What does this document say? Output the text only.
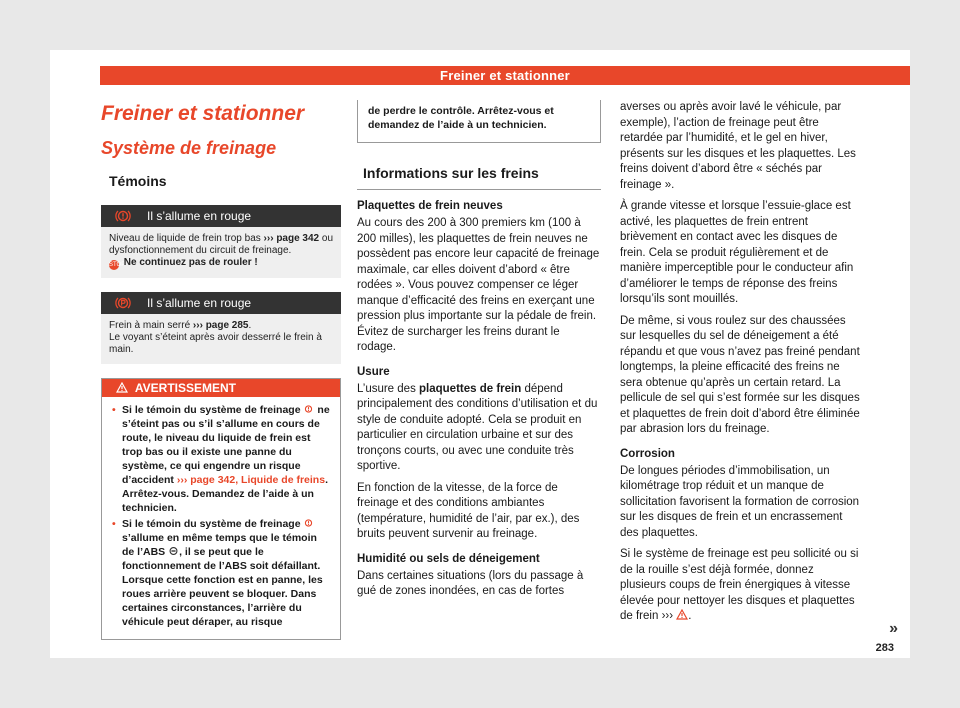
Freiner et stationner
Freiner et stationner
Système de freinage
Témoins
Il s’allume en rouge
Niveau de liquide de frein trop bas ››› page 342 ou dysfonctionnement du circuit de freinage.
STOP Ne continuez pas de rouler !
Il s’allume en rouge
Frein à main serré ››› page 285.
Le voyant s’éteint après avoir desserré le frein à main.
AVERTISSEMENT
• Si le témoin du système de freinage  ne s’éteint pas ou s’il s’allume en cours de route, le niveau du liquide de frein est trop bas ou il existe une panne du système, ce qui engendre un risque d’accident ››› page 342, Liquide de freins. Arrêtez-vous. Demandez de l’aide à un technicien.
• Si le témoin du système de freinage  s’allume en même temps que le témoin de l’ABS , il se peut que le fonctionnement de l’ABS soit défaillant. Lorsque cette fonction est en panne, les roues arrière peuvent se bloquer. Dans certaines circonstances, l’arrière du véhicule peut déraper, au risque
de perdre le contrôle. Arrêtez-vous et demandez de l’aide à un technicien.
Informations sur les freins
Plaquettes de frein neuves

Au cours des 200 à 300 premiers km (100 à 200 milles), les plaquettes de frein neuves ne possèdent pas encore leur capacité de freinage maximale, car elles doivent d’abord « être rodées ». Vous pouvez compenser ce léger manque d’efficacité des freins en exerçant une pression plus importante sur la pédale de frein. Évitez de surcharger les freins durant le rodage.

Usure

L’usure des plaquettes de frein dépend principalement des conditions d’utilisation et du style de conduite adopté. Cela se produit en particulier en circulation urbaine et sur des tronçons courts, ou avec une conduite très sportive.

En fonction de la vitesse, de la force de freinage et des conditions ambiantes (température, humidité de l’air, par ex.), des bruits peuvent survenir au freinage.

Humidité ou sels de déneigement

Dans certaines situations (lors du passage à gué de zones inondées, en cas de fortes

averses ou après avoir lavé le véhicule, par exemple), l’action de freinage peut être retardée par l’humidité, et le gel en hiver, présents sur les disques et les plaquettes. Les freins doivent d’abord être « séchés par freinage ».

À grande vitesse et lorsque l’essuie-glace est activé, les plaquettes de frein entrent brièvement en contact avec les disques de frein. Cela se produit régulièrement et de manière imperceptible pour le conducteur afin d’améliorer le temps de réponse des freins lorsqu’ils sont mouillés.

De même, si vous roulez sur des chaussées sur lesquelles du sel de déneigement a été répandu et que vous n’avez pas freiné pendant longtemps, la pleine efficacité des freins ne sera obtenue qu’après un certain retard. La pellicule de sel qui s’est formée sur les disques et plaquettes de frein doit d’abord être éliminée par abrasion lors du freinage.

Corrosion

De longues périodes d’immobilisation, un kilométrage trop réduit et un manque de sollicitation favorisent la formation de corrosion sur les disques de frein et un encrassement des plaquettes.

Si le système de freinage est peu sollicité ou si de la rouille s’est déjà formée, donnez plusieurs coups de frein énergiques à vitesse élevée pour nettoyer les disques et plaquettes de frein ››› .

»
283
